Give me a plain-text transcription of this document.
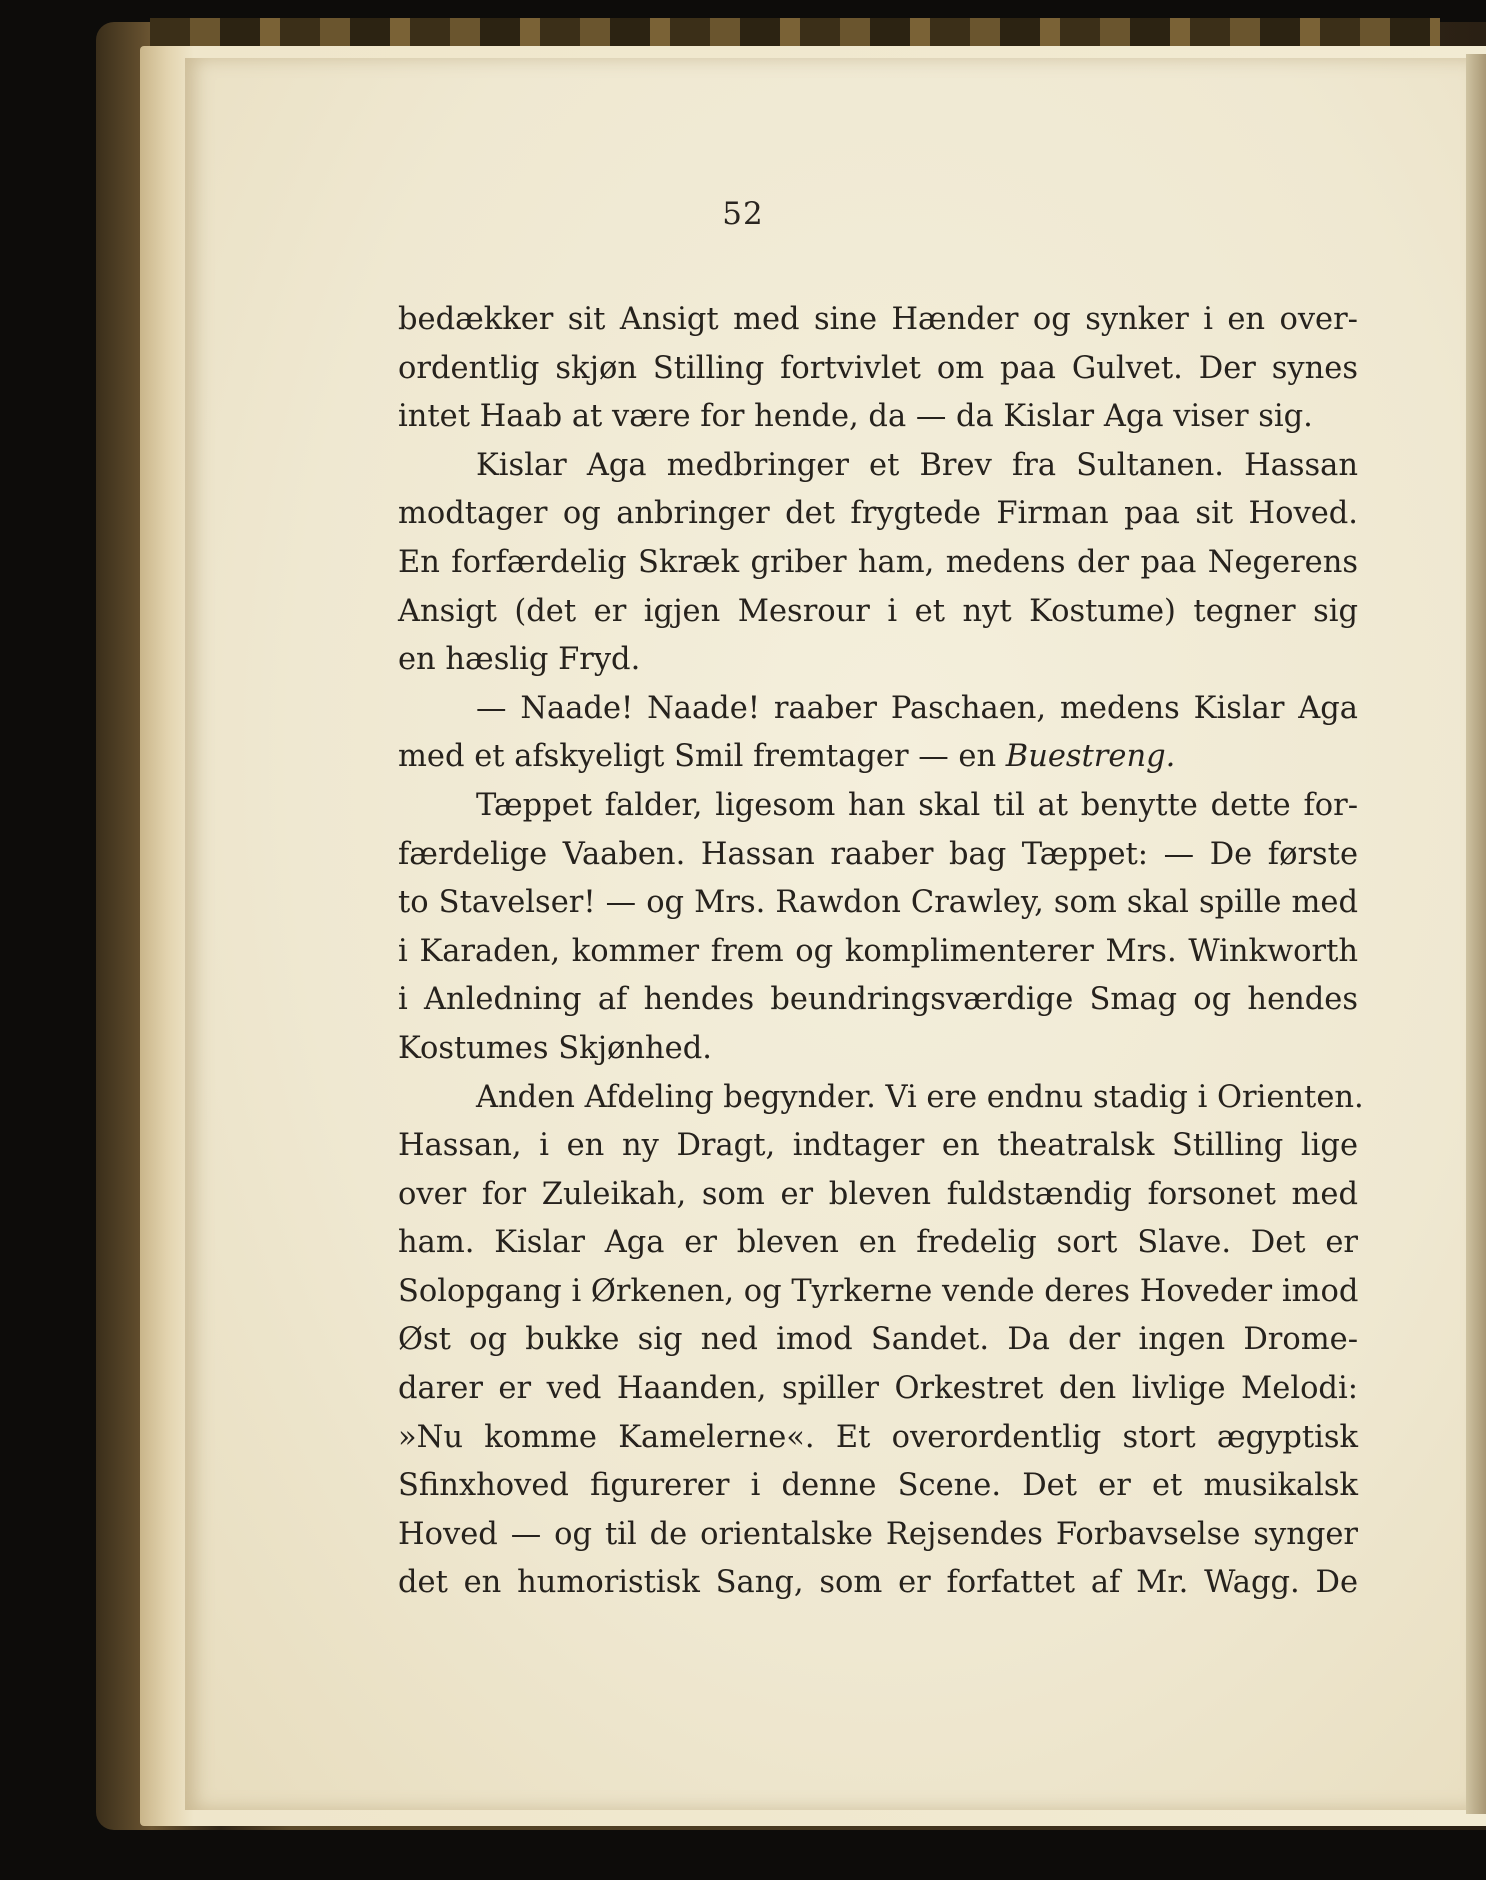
52
bedækker sit Ansigt med sine Hænder og synker i en over-
ordentlig skjøn Stilling fortvivlet om paa Gulvet. Der synes
intet Haab at være for hende, da — da Kislar Aga viser sig.
Kislar Aga medbringer et Brev fra Sultanen. Hassan
modtager og anbringer det frygtede Firman paa sit Hoved.
En forfærdelig Skræk griber ham, medens der paa Negerens
Ansigt (det er igjen Mesrour i et nyt Kostume) tegner sig
en hæslig Fryd.
— Naade! Naade! raaber Paschaen, medens Kislar Aga
med et afskyeligt Smil fremtager — en Buestreng.
Tæppet falder, ligesom han skal til at benytte dette for-
færdelige Vaaben. Hassan raaber bag Tæppet: — De første
to Stavelser! — og Mrs. Rawdon Crawley, som skal spille med
i Karaden, kommer frem og komplimenterer Mrs. Winkworth
i Anledning af hendes beundringsværdige Smag og hendes
Kostumes Skjønhed.
Anden Afdeling begynder. Vi ere endnu stadig i Orienten.
Hassan, i en ny Dragt, indtager en theatralsk Stilling lige
over for Zuleikah, som er bleven fuldstændig forsonet med
ham. Kislar Aga er bleven en fredelig sort Slave. Det er
Solopgang i Ørkenen, og Tyrkerne vende deres Hoveder imod
Øst og bukke sig ned imod Sandet. Da der ingen Drome-
darer er ved Haanden, spiller Orkestret den livlige Melodi:
»Nu komme Kamelerne«. Et overordentlig stort ægyptisk
Sfinxhoved figurerer i denne Scene. Det er et musikalsk
Hoved — og til de orientalske Rejsendes Forbavselse synger
det en humoristisk Sang, som er forfattet af Mr. Wagg. De
